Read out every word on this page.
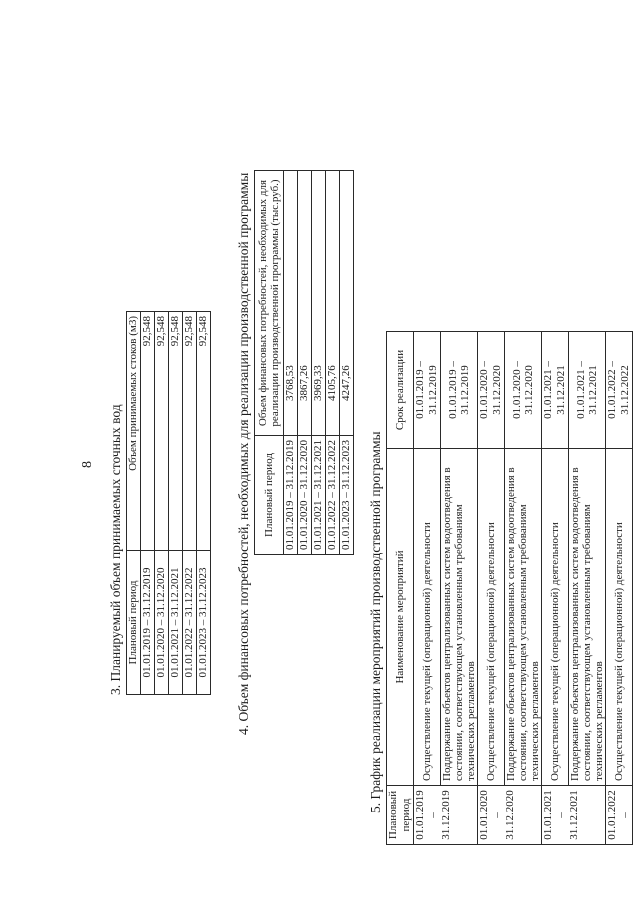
8 3. Планируемый объем принимаемых сточных вод Плановый период	Объем принимаемых стоков (м3)
01.01.2019 – 31.12.2019	92,548
01.01.2020 – 31.12.2020	92,548
01.01.2021 – 31.12.2021	92,548
01.01.2022 – 31.12.2022	92,548
01.01.2023 – 31.12.2023	92,548 4. Объем финансовых потребностей, необходимых для реализации производственной программы Плановый период	Объем финансовых потребностей, необходимых для реализации производственной программы (тыс.руб.)
01.01.2019 – 31.12.2019	3768,53
01.01.2020 – 31.12.2020	3867,26
01.01.2021 – 31.12.2021	3969,33
01.01.2022 – 31.12.2022	4105,76
01.01.2023 – 31.12.2023	4247,26
5. График реализации мероприятий производственной программы
Плановый период	Наименование мероприятий	Срок реализации
01.01.2019 – 31.12.2019	Осуществление текущей (операционной) деятельности	01.01.2019 – 31.12.2019
	Поддержание объектов централизованных систем водоотведения в состоянии, соответствующем установленным требованиям технических регламентов	01.01.2019 – 31.12.2019
01.01.2020 – 31.12.2020	Осуществление текущей (операционной) деятельности	01.01.2020 – 31.12.2020
	Поддержание объектов централизованных систем водоотведения в состоянии, соответствующем установленным требованиям технических регламентов	01.01.2020 – 31.12.2020
01.01.2021 – 31.12.2021	Осуществление текущей (операционной) деятельности	01.01.2021 – 31.12.2021
	Поддержание объектов централизованных систем водоотведения в состоянии, соответствующем установленным требованиям технических регламентов	01.01.2021 – 31.12.2021
01.01.2022 –	Осуществление текущей (операционной) деятельности	01.01.2022 – 31.12.2022
